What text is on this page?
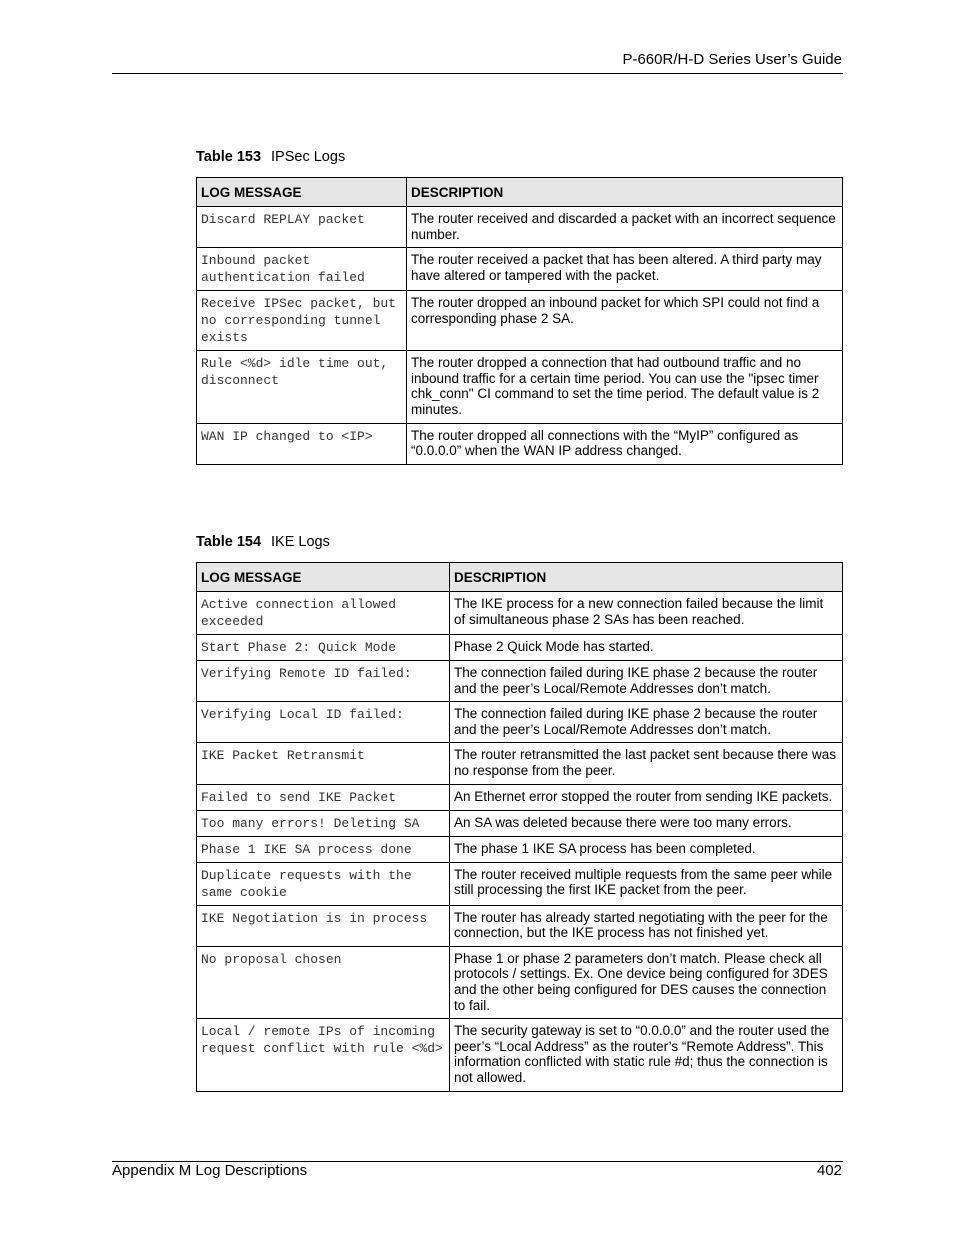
P-660R/H-D Series User’s Guide
Table 153 IPSec Logs
LOG MESSAGE	DESCRIPTION
Discard REPLAY packet	The router received and discarded a packet with an incorrect sequence number.
Inbound packet authentication failed	The router received a packet that has been altered. A third party may have altered or tampered with the packet.
Receive IPSec packet, but no corresponding tunnel exists	The router dropped an inbound packet for which SPI could not find a corresponding phase 2 SA.
Rule <%d> idle time out, disconnect	The router dropped a connection that had outbound traffic and no inbound traffic for a certain time period. You can use the "ipsec timer chk_conn" CI command to set the time period. The default value is 2 minutes.
WAN IP changed to <IP>	The router dropped all connections with the “MyIP” configured as “0.0.0.0” when the WAN IP address changed.
Table 154 IKE Logs
LOG MESSAGE	DESCRIPTION
Active connection allowed exceeded	The IKE process for a new connection failed because the limit of simultaneous phase 2 SAs has been reached.
Start Phase 2: Quick Mode	Phase 2 Quick Mode has started.
Verifying Remote ID failed:	The connection failed during IKE phase 2 because the router and the peer’s Local/Remote Addresses don’t match.
Verifying Local ID failed:	The connection failed during IKE phase 2 because the router and the peer’s Local/Remote Addresses don’t match.
IKE Packet Retransmit	The router retransmitted the last packet sent because there was no response from the peer.
Failed to send IKE Packet	An Ethernet error stopped the router from sending IKE packets.
Too many errors! Deleting SA	An SA was deleted because there were too many errors.
Phase 1 IKE SA process done	The phase 1 IKE SA process has been completed.
Duplicate requests with the same cookie	The router received multiple requests from the same peer while still processing the first IKE packet from the peer.
IKE Negotiation is in process	The router has already started negotiating with the peer for the connection, but the IKE process has not finished yet.
No proposal chosen	Phase 1 or phase 2 parameters don’t match. Please check all protocols / settings. Ex. One device being configured for 3DES and the other being configured for DES causes the connection to fail.
Local / remote IPs of incoming request conflict with rule <%d>	The security gateway is set to “0.0.0.0” and the router used the peer’s “Local Address” as the router’s “Remote Address”. This information conflicted with static rule #d; thus the connection is not allowed.
Appendix M Log Descriptions	402
